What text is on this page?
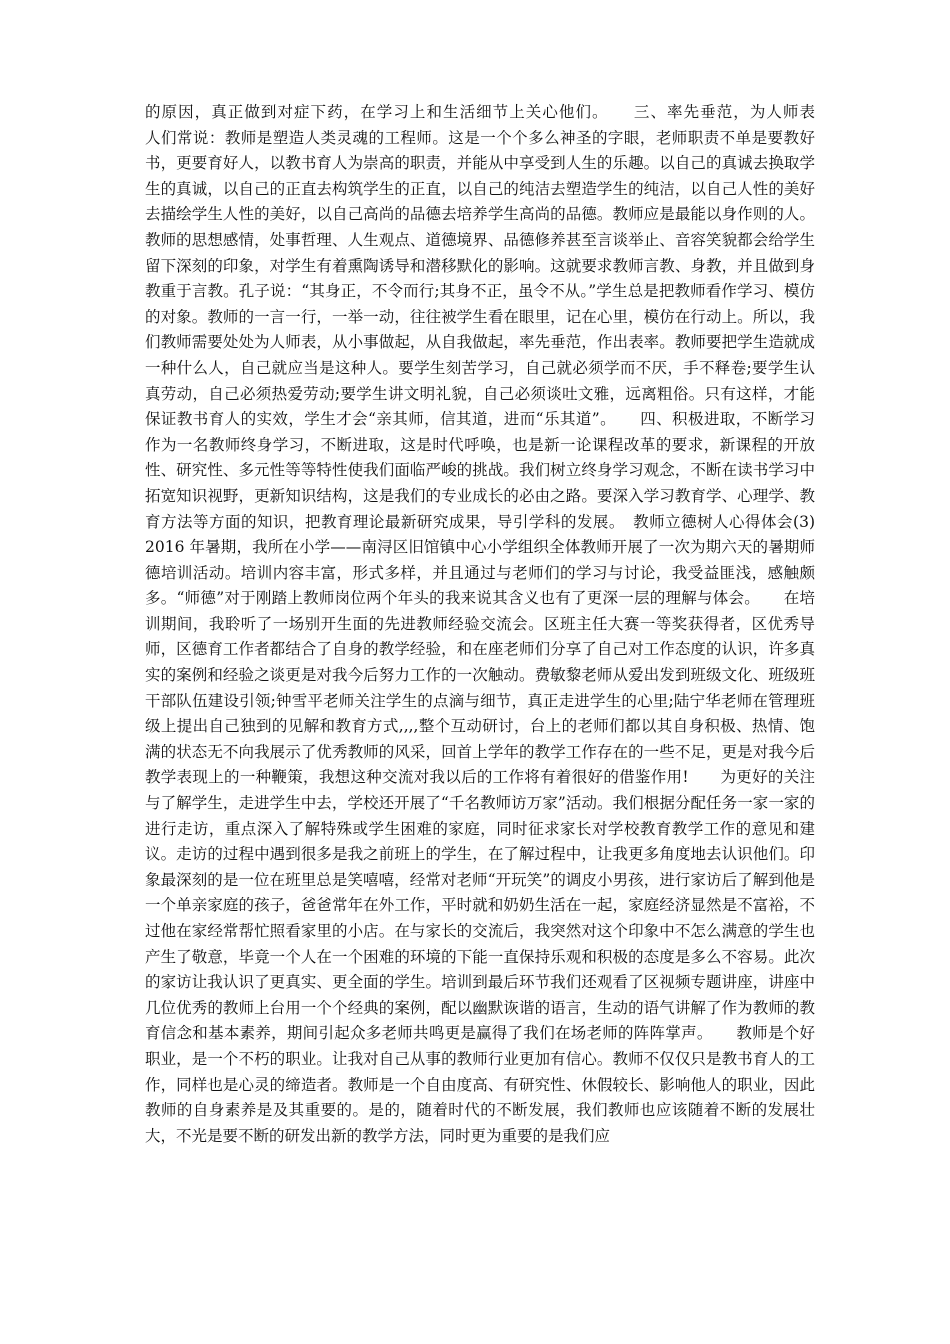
的原因，真正做到对症下药，在学习上和生活细节上关心他们。　　三、率先垂范，为人师表　　人们常说：教师是塑造人类灵魂的工程师。这是一个个多么神圣的字眼，老师职责不单是要教好书，更要育好人，以教书育人为崇高的职责，并能从中享受到人生的乐趣。以自己的真诚去换取学生的真诚，以自己的正直去构筑学生的正直，以自己的纯洁去塑造学生的纯洁，以自己人性的美好去描绘学生人性的美好，以自己高尚的品德去培养学生高尚的品德。教师应是最能以身作则的人。教师的思想感情，处事哲理、人生观点、道德境界、品德修养甚至言谈举止、音容笑貌都会给学生留下深刻的印象，对学生有着熏陶诱导和潜移默化的影响。这就要求教师言教、身教，并且做到身教重于言教。孔子说：“其身正，不令而行;其身不正，虽令不从。”学生总是把教师看作学习、模仿的对象。教师的一言一行，一举一动，往往被学生看在眼里，记在心里，模仿在行动上。所以，我们教师需要处处为人师表，从小事做起，从自我做起，率先垂范，作出表率。教师要把学生造就成一种什么人，自己就应当是这种人。要学生刻苦学习，自己就必须学而不厌，手不释卷;要学生认真劳动，自己必须热爱劳动;要学生讲文明礼貌，自己必须谈吐文雅，远离粗俗。只有这样，才能保证教书育人的实效，学生才会“亲其师，信其道，进而“乐其道”。　　四、积极进取，不断学习　　作为一名教师终身学习，不断进取，这是时代呼唤，也是新一论课程改革的要求，新课程的开放性、研究性、多元性等等特性使我们面临严峻的挑战。我们树立终身学习观念，不断在读书学习中拓宽知识视野，更新知识结构，这是我们的专业成长的必由之路。要深入学习教育学、心理学、教育方法等方面的知识，把教育理论最新研究成果，导引学科的发展。　教师立德树人心得体会(3)　　2016 年暑期，我所在小学——南浔区旧馆镇中心小学组织全体教师开展了一次为期六天的暑期师德培训活动。培训内容丰富，形式多样，并且通过与老师们的学习与讨论，我受益匪浅，感触颇多。“师德”对于刚踏上教师岗位两个年头的我来说其含义也有了更深一层的理解与体会。　　在培训期间，我聆听了一场别开生面的先进教师经验交流会。区班主任大赛一等奖获得者，区优秀导师，区德育工作者都结合了自身的教学经验，和在座老师们分享了自己对工作态度的认识，许多真实的案例和经验之谈更是对我今后努力工作的一次触动。费敏黎老师从爱出发到班级文化、班级班干部队伍建设引领;钟雪平老师关注学生的点滴与细节，真正走进学生的心里;陆宁华老师在管理班级上提出自己独到的见解和教育方式,,,,整个互动研讨，台上的老师们都以其自身积极、热情、饱满的状态无不向我展示了优秀教师的风采，回首上学年的教学工作存在的一些不足，更是对我今后教学表现上的一种鞭策，我想这种交流对我以后的工作将有着很好的借鉴作用!　　为更好的关注与了解学生，走进学生中去，学校还开展了“千名教师访万家”活动。我们根据分配任务一家一家的进行走访，重点深入了解特殊或学生困难的家庭，同时征求家长对学校教育教学工作的意见和建议。走访的过程中遇到很多是我之前班上的学生，在了解过程中，让我更多角度地去认识他们。印象最深刻的是一位在班里总是笑嘻嘻，经常对老师“开玩笑”的调皮小男孩，进行家访后了解到他是一个单亲家庭的孩子，爸爸常年在外工作，平时就和奶奶生活在一起，家庭经济显然是不富裕，不过他在家经常帮忙照看家里的小店。在与家长的交流后，我突然对这个印象中不怎么满意的学生也产生了敬意，毕竟一个人在一个困难的环境的下能一直保持乐观和积极的态度是多么不容易。此次的家访让我认识了更真实、更全面的学生。培训到最后环节我们还观看了区视频专题讲座，讲座中几位优秀的教师上台用一个个经典的案例，配以幽默诙谐的语言，生动的语气讲解了作为教师的教育信念和基本素养，期间引起众多老师共鸣更是赢得了我们在场老师的阵阵掌声。　　教师是个好职业，是一个不朽的职业。让我对自己从事的教师行业更加有信心。教师不仅仅只是教书育人的工作，同样也是心灵的缔造者。教师是一个自由度高、有研究性、休假较长、影响他人的职业，因此教师的自身素养是及其重要的。是的，随着时代的不断发展，我们教师也应该随着不断的发展壮大，不光是要不断的研发出新的教学方法，同时更为重要的是我们应
